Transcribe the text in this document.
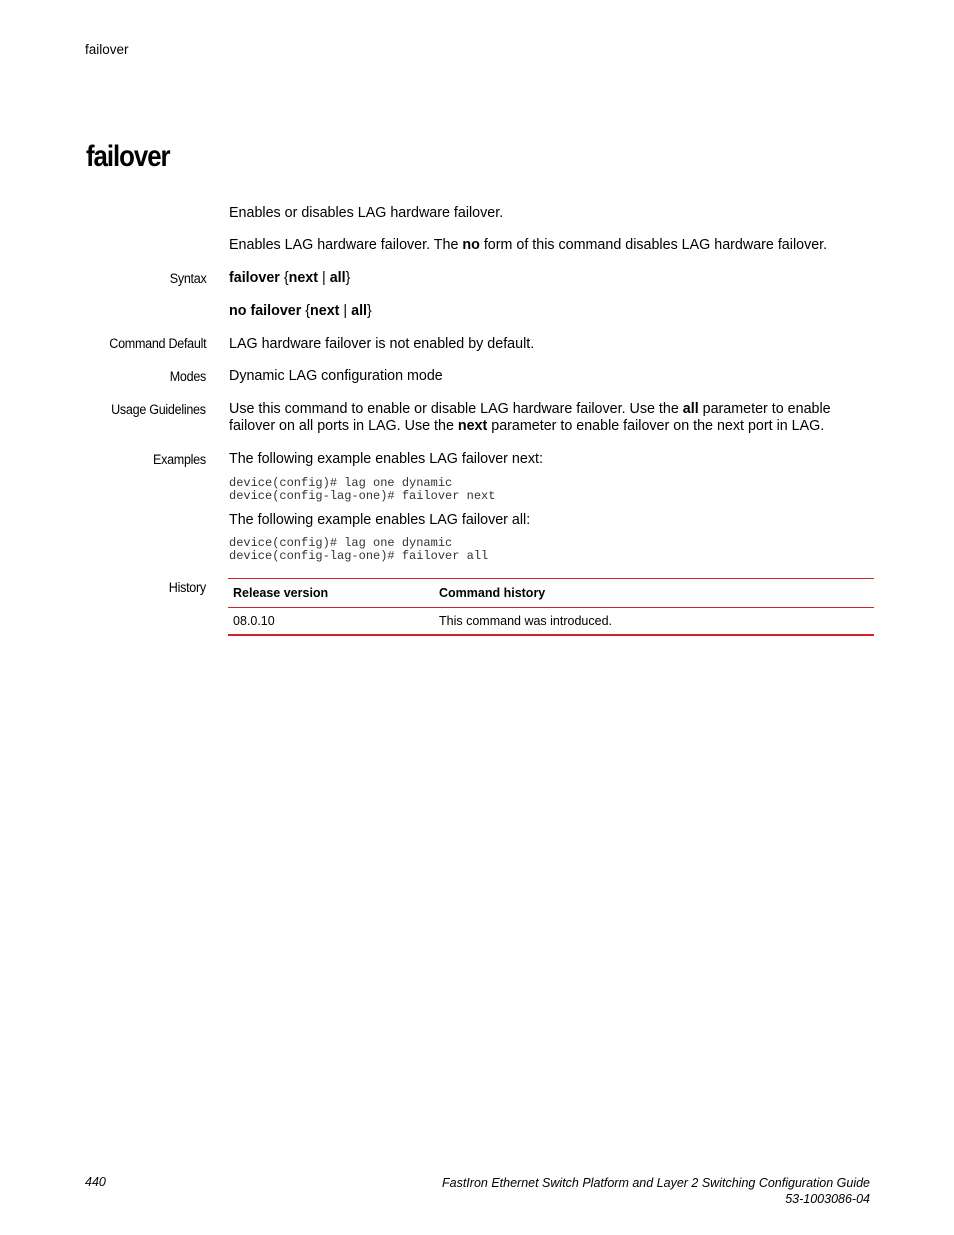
failover
failover
Enables or disables LAG hardware failover.
Enables LAG hardware failover. The no form of this command disables LAG hardware failover.
Syntax failover {next | all}
no failover {next | all}
Command Default LAG hardware failover is not enabled by default.
Modes Dynamic LAG configuration mode
Usage Guidelines Use this command to enable or disable LAG hardware failover. Use the all parameter to enable failover on all ports in LAG. Use the next parameter to enable failover on the next port in LAG.
Examples The following example enables LAG failover next:
device(config)# lag one dynamic
device(config-lag-one)# failover next
The following example enables LAG failover all:
device(config)# lag one dynamic
device(config-lag-one)# failover all
History Release version	Command history
08.0.10	This command was introduced.
440	FastIron Ethernet Switch Platform and Layer 2 Switching Configuration Guide
53-1003086-04
